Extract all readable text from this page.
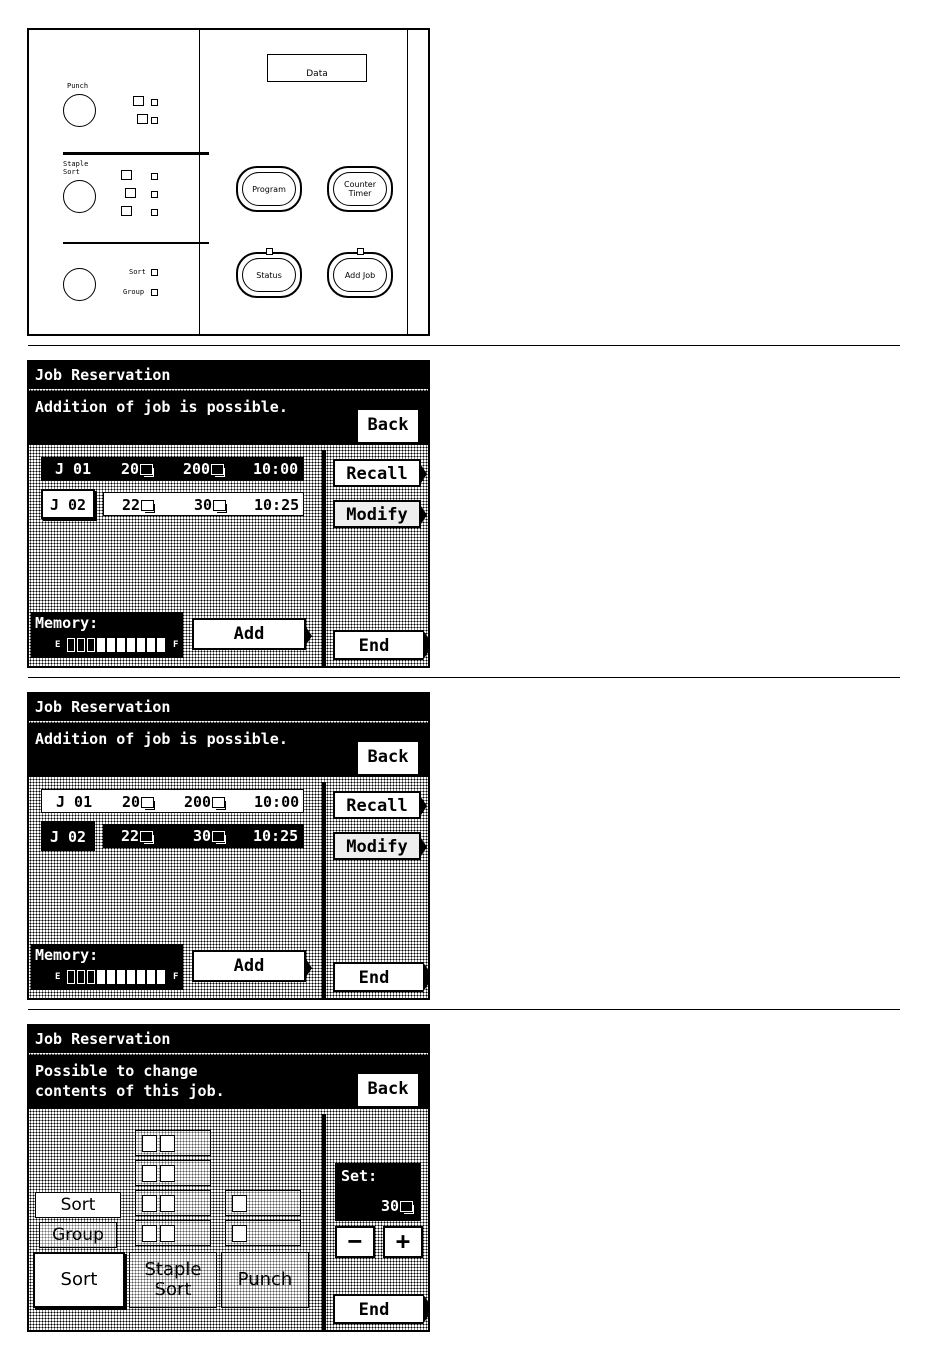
Punch
Staple
Sort
Sort
Group
Data
Program	Counter
Timer
Status	Add Job
Job Reservation
Addition of job is possible.
Back
J 01 20	200	10:00
J 02	22	30	10:25
Recall
Modify
Memory:
E	F
Add
End
Job Reservation
Addition of job is possible.
Back
J 01 20	200	10:00
J 02	22	30	10:25
Recall
Modify
Memory:
E	F
Add
End
Job Reservation
Possible to change
contents of this job.	Back
Sort
Group
Sort	Staple
Sort	Punch
Set:
30
−	+
End
